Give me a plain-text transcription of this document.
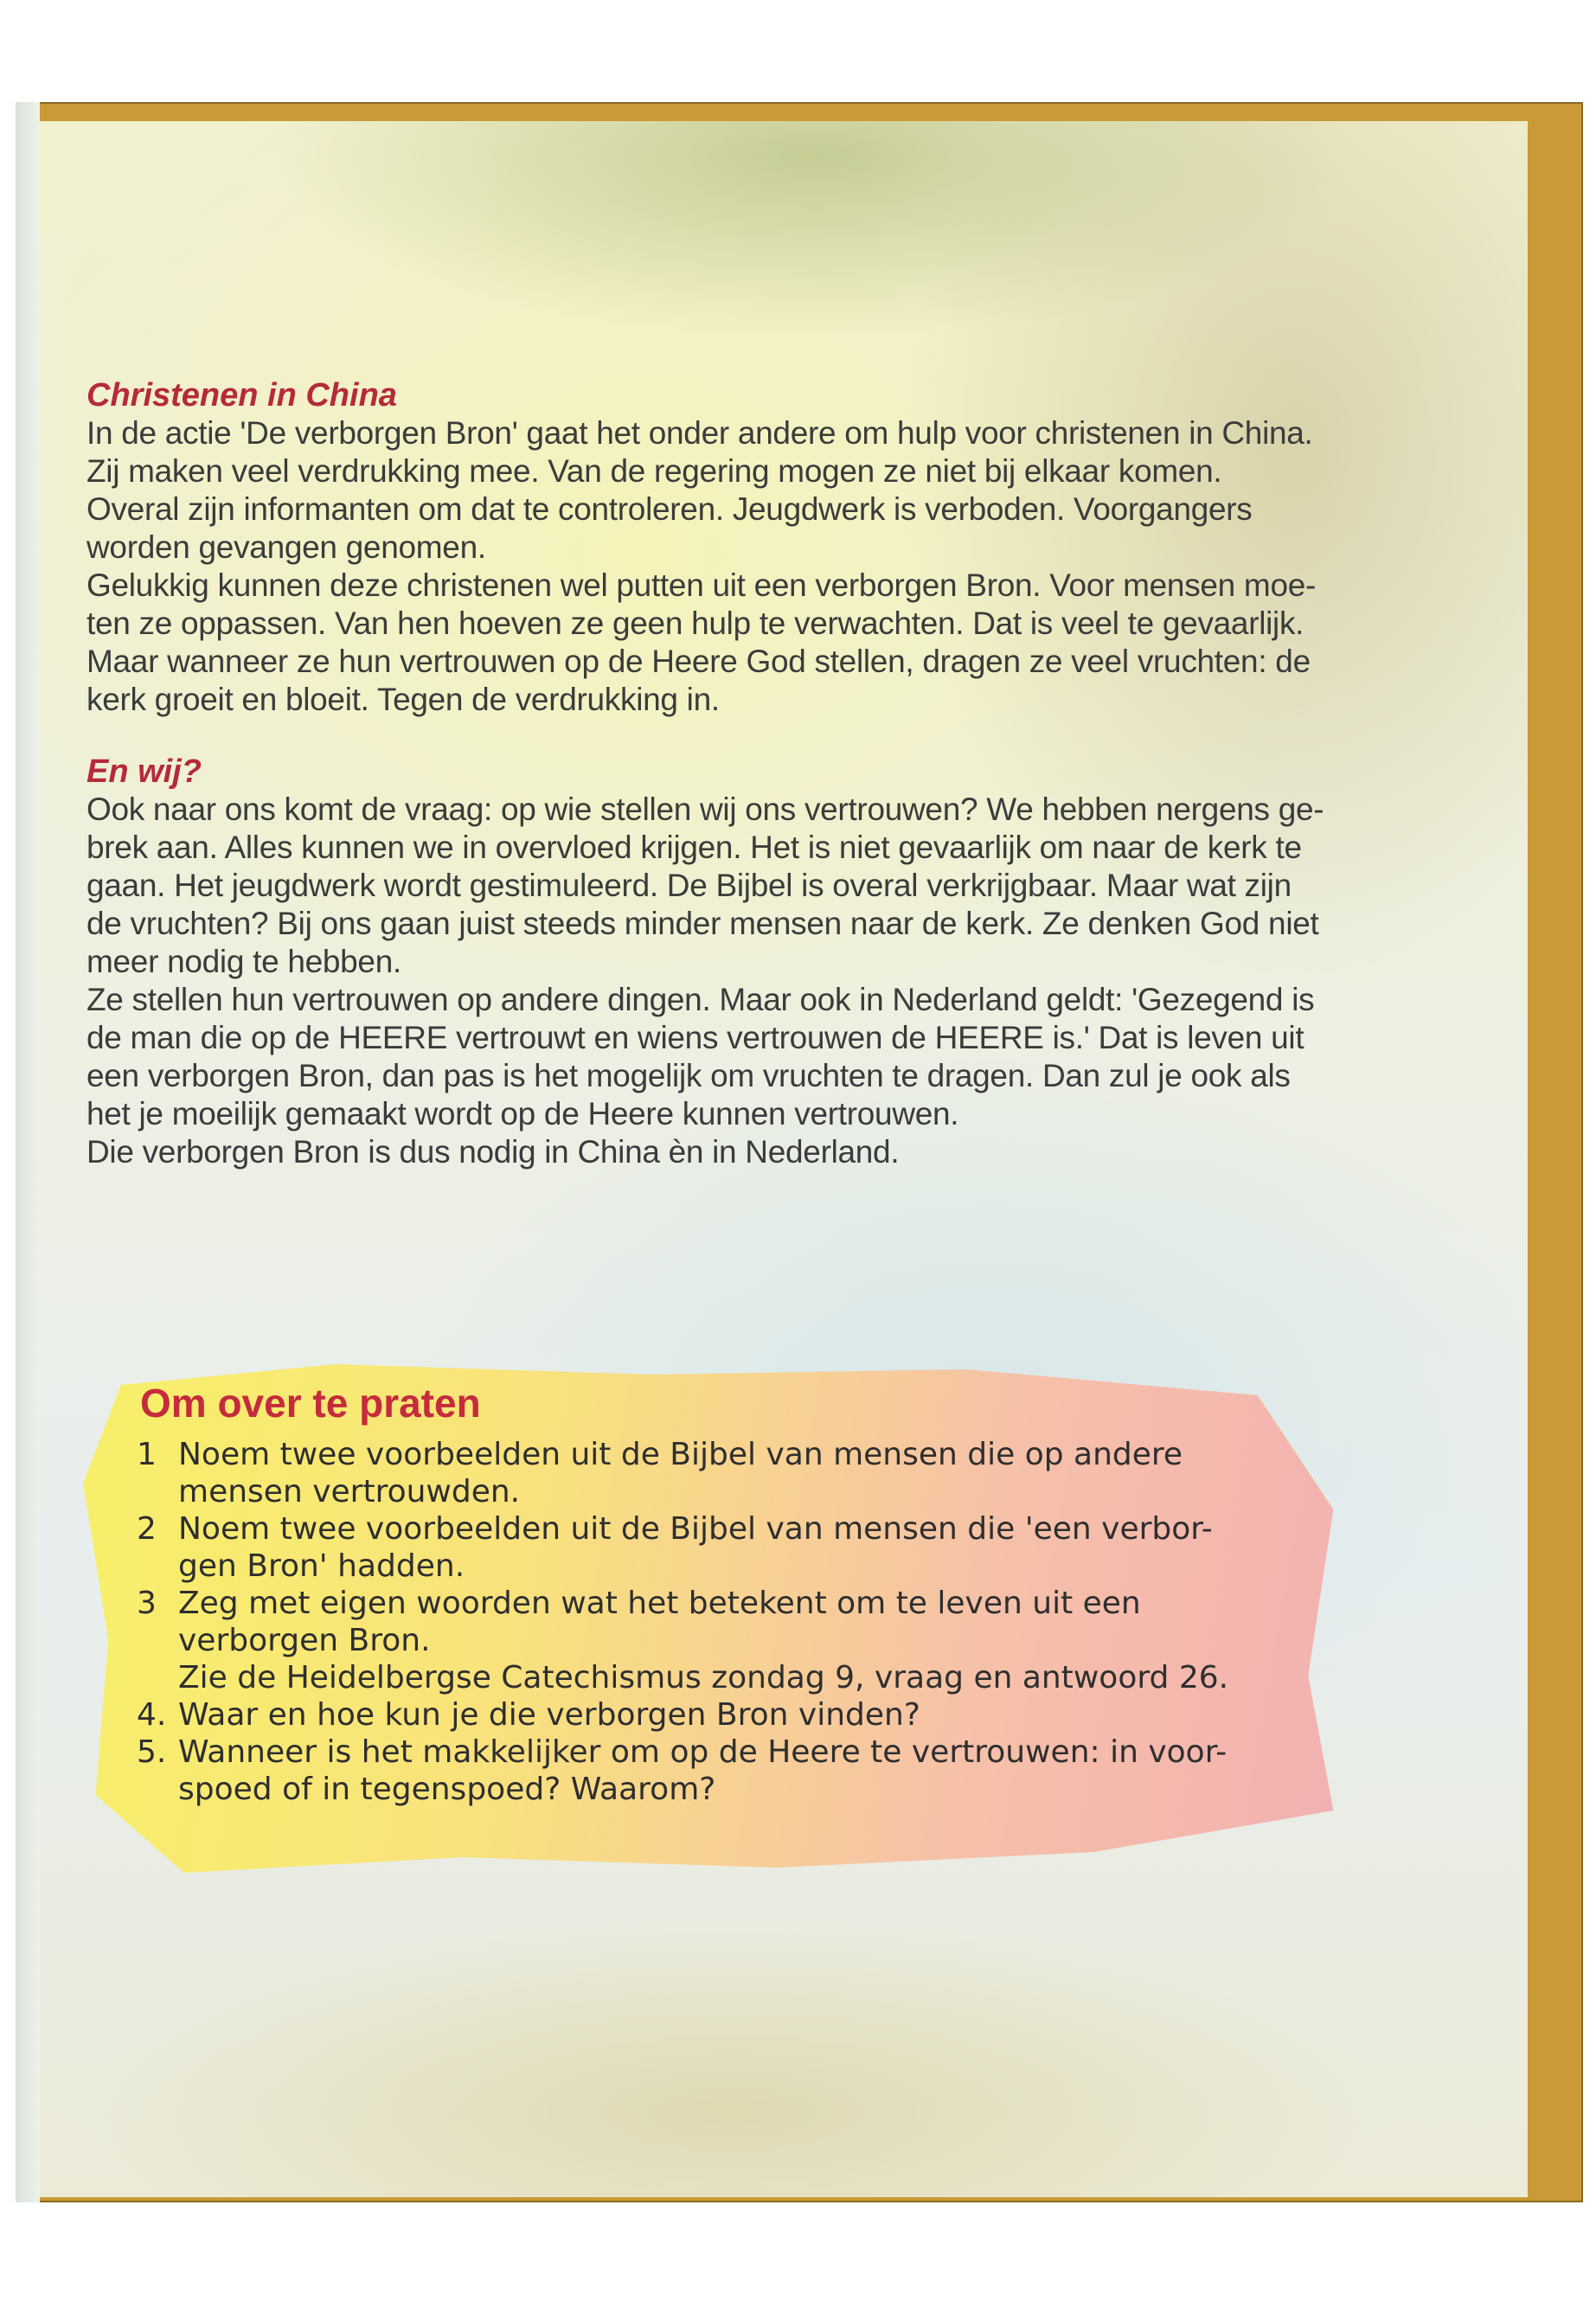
Christenen in China

In de actie 'De verborgen Bron' gaat het onder andere om hulp voor christenen in China.

Zij maken veel verdrukking mee. Van de regering mogen ze niet bij elkaar komen.

Overal zijn informanten om dat te controleren. Jeugdwerk is verboden. Voorgangers

worden gevangen genomen.

Gelukkig kunnen deze christenen wel putten uit een verborgen Bron. Voor mensen moe-

ten ze oppassen. Van hen hoeven ze geen hulp te verwachten. Dat is veel te gevaarlijk.

Maar wanneer ze hun vertrouwen op de Heere God stellen, dragen ze veel vruchten: de

kerk groeit en bloeit. Tegen de verdrukking in.

En wij?

Ook naar ons komt de vraag: op wie stellen wij ons vertrouwen? We hebben nergens ge-

brek aan. Alles kunnen we in overvloed krijgen. Het is niet gevaarlijk om naar de kerk te

gaan. Het jeugdwerk wordt gestimuleerd. De Bijbel is overal verkrijgbaar. Maar wat zijn

de vruchten? Bij ons gaan juist steeds minder mensen naar de kerk. Ze denken God niet

meer nodig te hebben.

Ze stellen hun vertrouwen op andere dingen. Maar ook in Nederland geldt: 'Gezegend is

de man die op de HEERE vertrouwt en wiens vertrouwen de HEERE is.' Dat is leven uit

een verborgen Bron, dan pas is het mogelijk om vruchten te dragen. Dan zul je ook als

het je moeilijk gemaakt wordt op de Heere kunnen vertrouwen.

Die verborgen Bron is dus nodig in China èn in Nederland.

Om over te praten
1 Noem twee voorbeelden uit de Bijbel van mensen die op andere
mensen vertrouwden.
2 Noem twee voorbeelden uit de Bijbel van mensen die 'een verbor-
gen Bron' hadden.
3 Zeg met eigen woorden wat het betekent om te leven uit een
verborgen Bron.
Zie de Heidelbergse Catechismus zondag 9, vraag en antwoord 26.
4. Waar en hoe kun je die verborgen Bron vinden?
5. Wanneer is het makkelijker om op de Heere te vertrouwen: in voor-
spoed of in tegenspoed? Waarom?
